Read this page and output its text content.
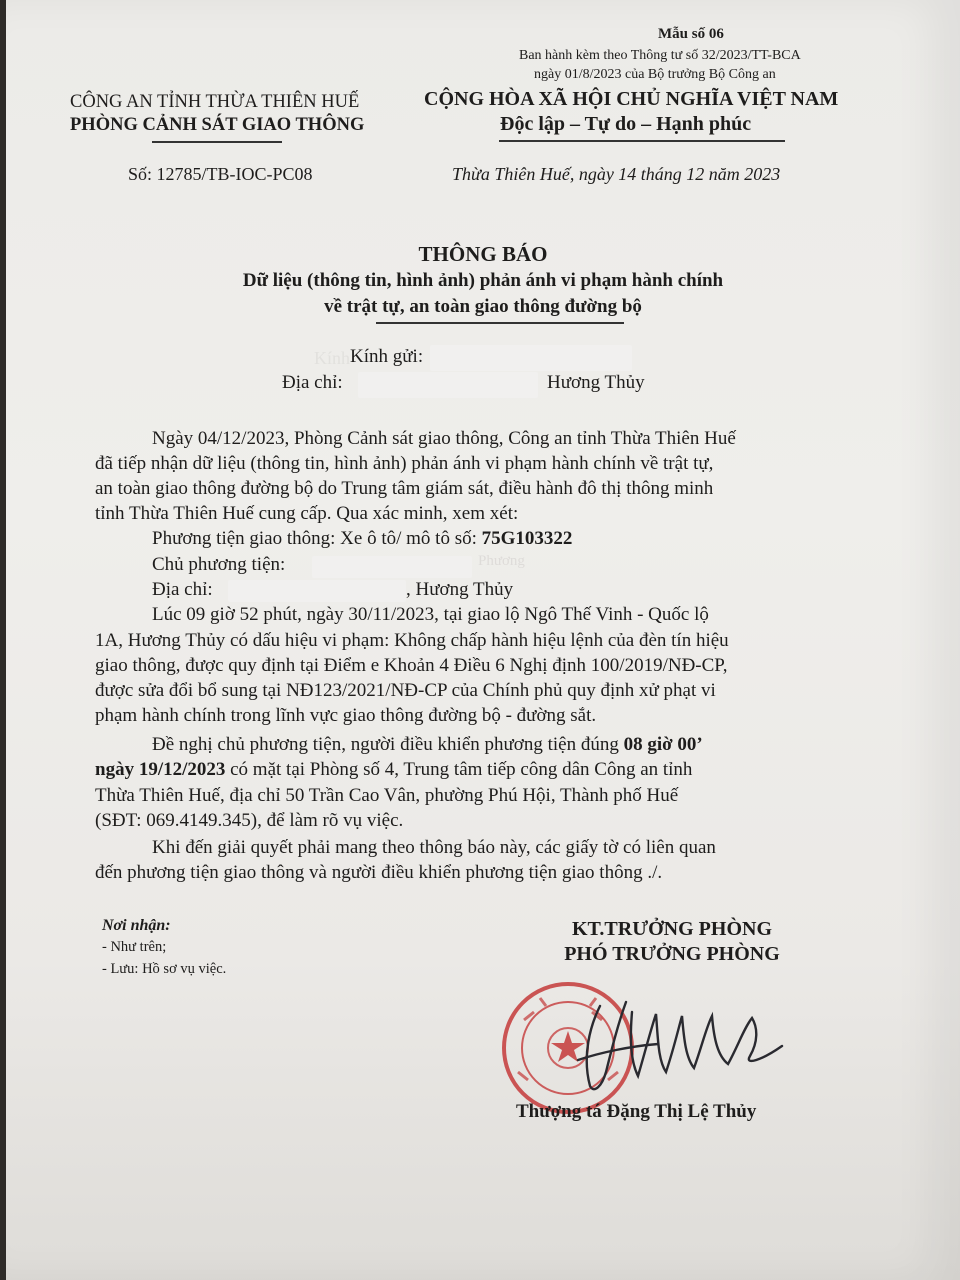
Mẫu số 06
Ban hành kèm theo Thông tư số 32/2023/TT-BCA
ngày 01/8/2023 của Bộ trưởng Bộ Công an
CÔNG AN TỈNH THỪA THIÊN HUẾ
PHÒNG CẢNH SÁT GIAO THÔNG
Số: 12785/TB-IOC-PC08
CỘNG HÒA XÃ HỘI CHỦ NGHĨA VIỆT NAM
Độc lập – Tự do – Hạnh phúc
Thừa Thiên Huế, ngày 14 tháng 12 năm 2023
THÔNG BÁO
Dữ liệu (thông tin, hình ảnh) phản ánh vi phạm hành chính
về trật tự, an toàn giao thông đường bộ
Kính Kính gửi:
Địa chỉ:	Hương Thủy
Ngày 04/12/2023, Phòng Cảnh sát giao thông, Công an tỉnh Thừa Thiên Huế
đã tiếp nhận dữ liệu (thông tin, hình ảnh) phản ánh vi phạm hành chính về trật tự,
an toàn giao thông đường bộ do Trung tâm giám sát, điều hành đô thị thông minh
tỉnh Thừa Thiên Huế cung cấp. Qua xác minh, xem xét:
Phương tiện giao thông: Xe ô tô/ mô tô số: 75G103322
Phương
Chủ phương tiện:
Địa chỉ:	, Hương Thủy
Lúc 09 giờ 52 phút, ngày 30/11/2023, tại giao lộ Ngô Thế Vinh - Quốc lộ
1A, Hương Thủy có dấu hiệu vi phạm: Không chấp hành hiệu lệnh của đèn tín hiệu
giao thông, được quy định tại Điểm e Khoản 4 Điều 6 Nghị định 100/2019/NĐ-CP,
được sửa đổi bổ sung tại NĐ123/2021/NĐ-CP của Chính phủ quy định xử phạt vi
phạm hành chính trong lĩnh vực giao thông đường bộ - đường sắt.
Đề nghị chủ phương tiện, người điều khiển phương tiện đúng 08 giờ 00’
ngày 19/12/2023 có mặt tại Phòng số 4, Trung tâm tiếp công dân Công an tỉnh
Thừa Thiên Huế, địa chỉ 50 Trần Cao Vân, phường Phú Hội, Thành phố Huế
(SĐT: 069.4149.345), để làm rõ vụ việc.
Khi đến giải quyết phải mang theo thông báo này, các giấy tờ có liên quan
đến phương tiện giao thông và người điều khiển phương tiện giao thông ./.
Nơi nhận:
- Như trên;
- Lưu: Hồ sơ vụ việc.
KT.TRƯỞNG PHÒNG
PHÓ TRƯỞNG PHÒNG
Thượng tá Đặng Thị Lệ Thủy
